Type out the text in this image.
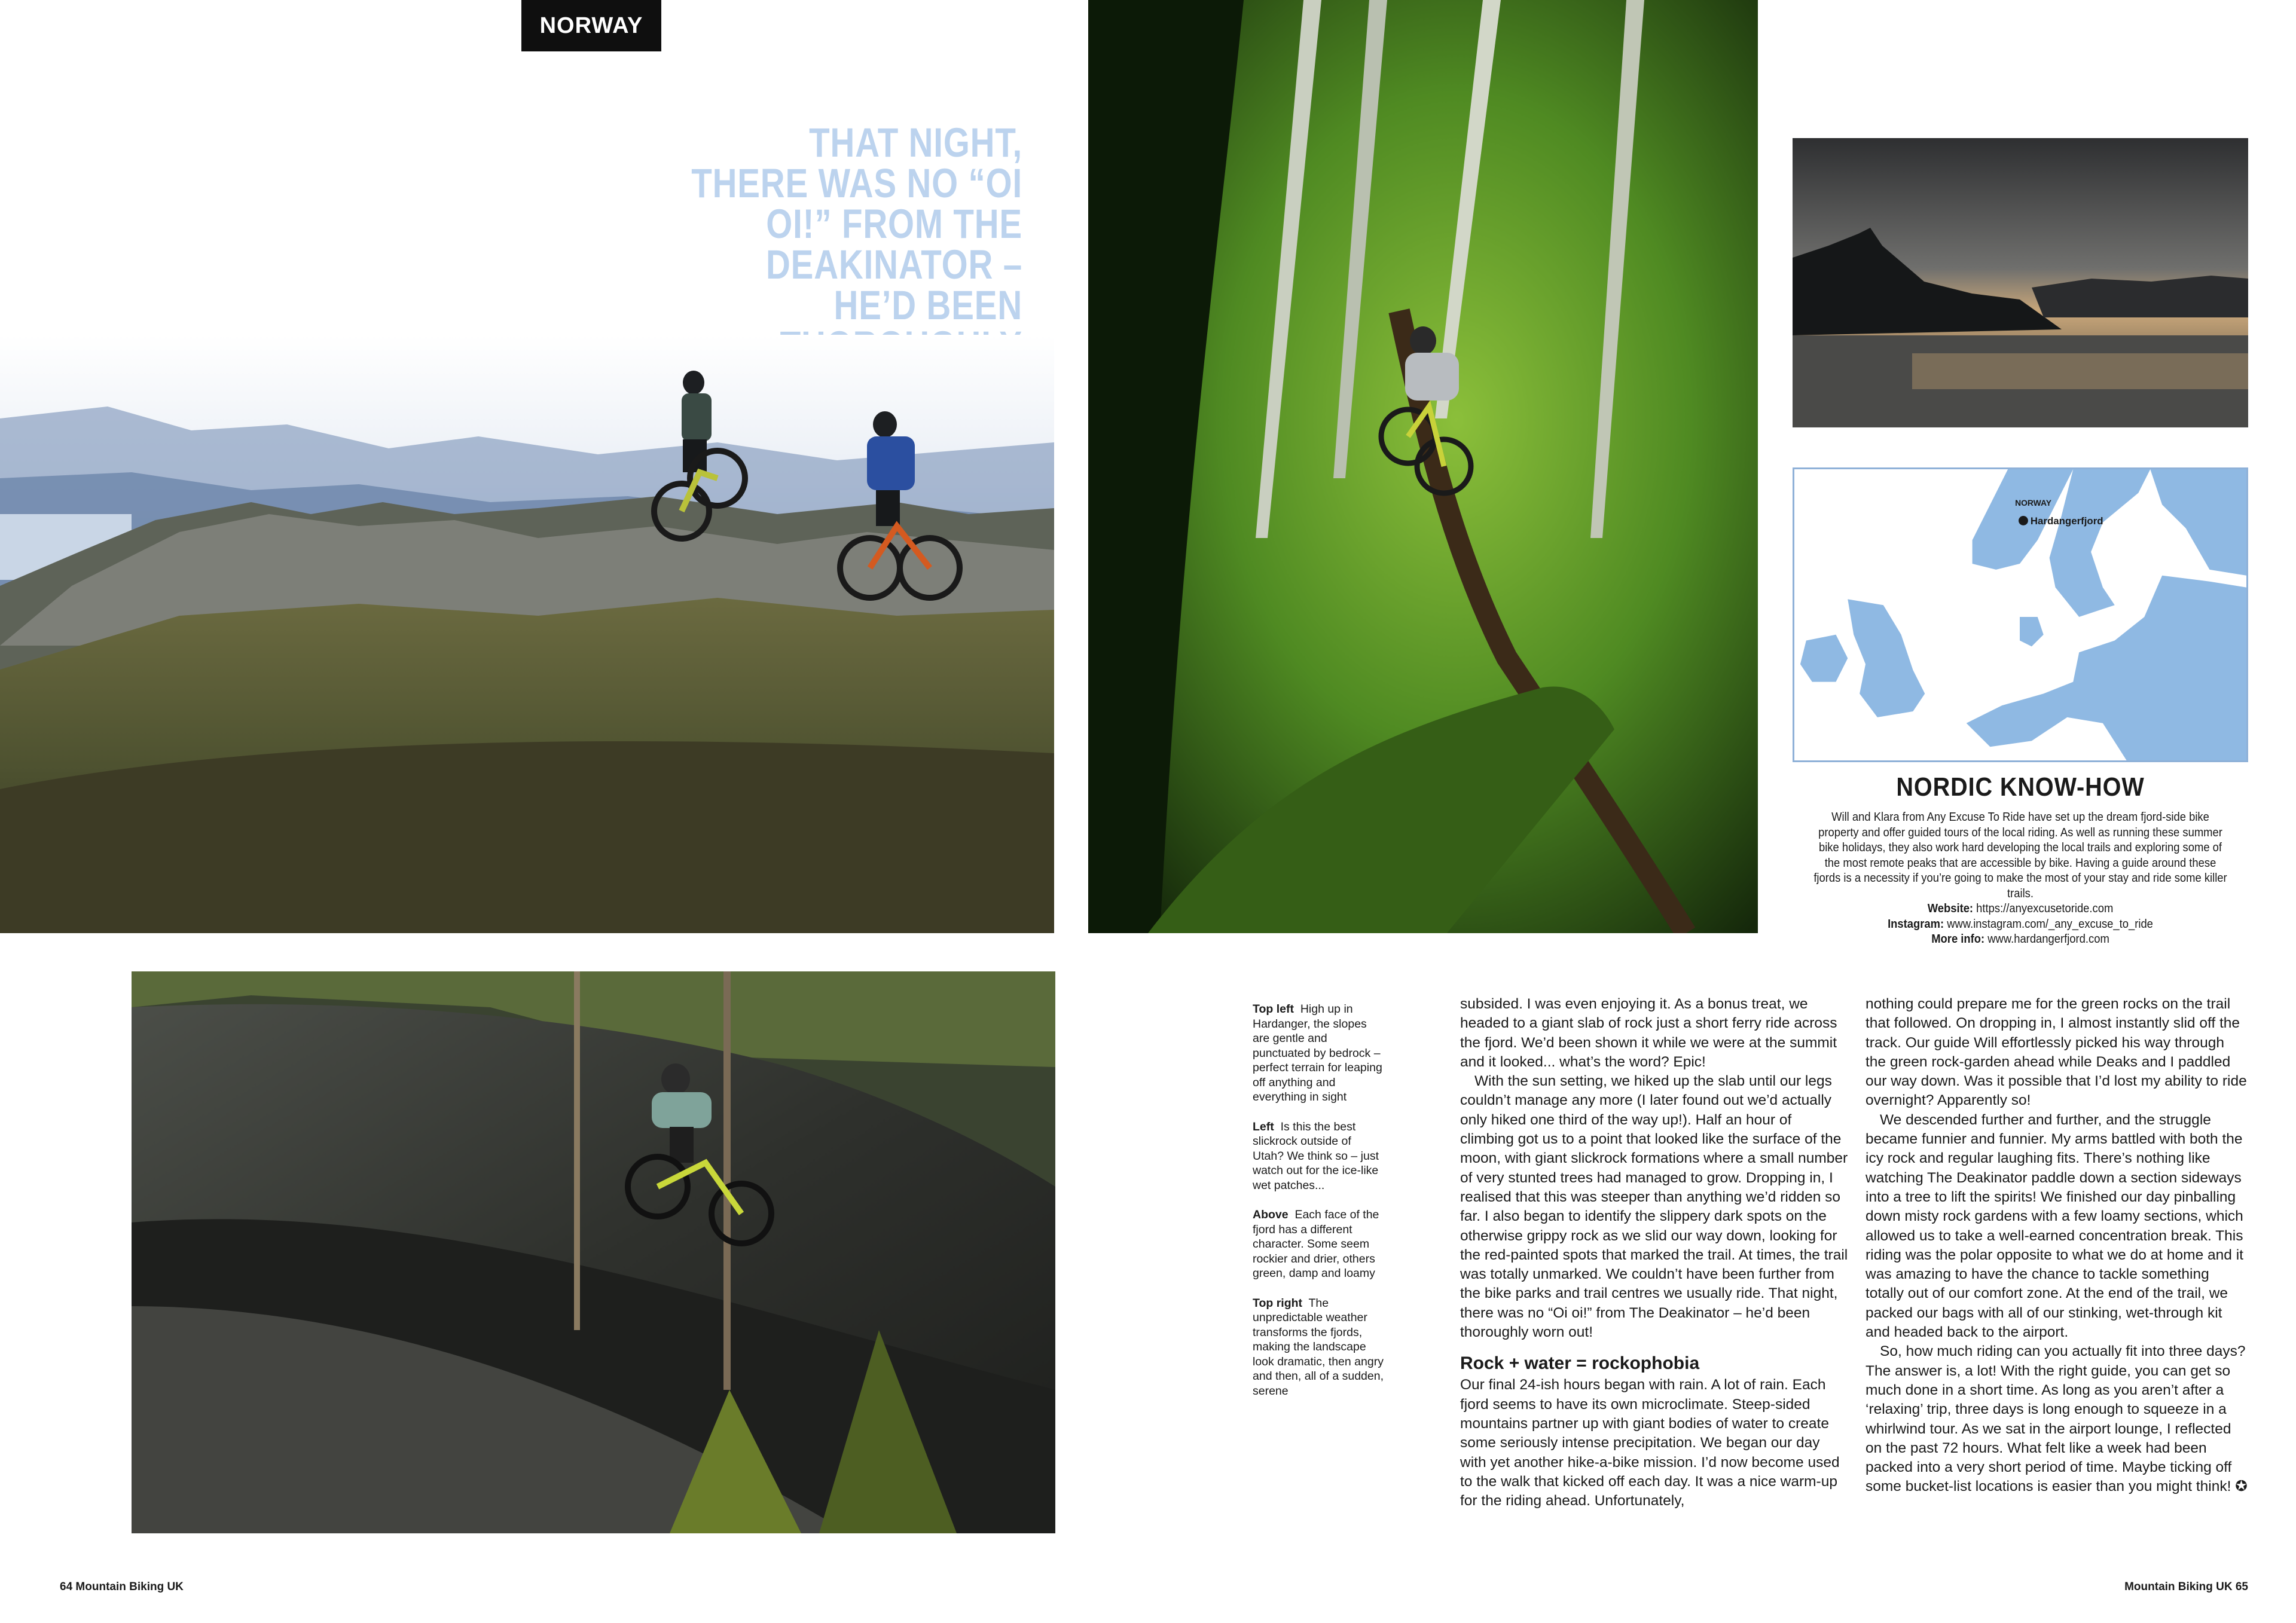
NORWAY
THAT NIGHT, THERE WAS NO “OI OI!” FROM THE DEAKINATOR – HE’D BEEN
NORWAY
Hardangerfjord
NORDIC KNOW-HOW
Will and Klara from Any Excuse To Ride have set up the dream fjord-side bike property and offer guided tours of the local riding. As well as running these summer bike holidays, they also work hard developing the local trails and exploring some of the most remote peaks that are accessible by bike. Having a guide around these fjords is a necessity if you’re going to make the most of your stay and ride some killer trails.
Website: https://anyexcusetoride.com
Instagram: www.instagram.com/_any_excuse_to_ride
More info: www.hardangerfjord.com
Top left High up in Hardanger, the slopes are gentle and punctuated by bedrock – perfect terrain for leaping off anything and everything in sight
Left Is this the best slickrock outside of Utah? We think so – just watch out for the ice-like wet patches...
Above Each face of the fjord has a different character. Some seem rockier and drier, others green, damp and loamy
Top right The unpredictable weather transforms the fjords, making the landscape look dramatic, then angry and then, all of a sudden, serene

subsided. I was even enjoying it. As a bonus treat, we headed to a giant slab of rock just a short ferry ride across the fjord. We’d been shown it while we were at the summit and it looked... what’s the word? Epic!

With the sun setting, we hiked up the slab until our legs couldn’t manage any more (I later found out we’d actually only hiked one third of the way up!). Half an hour of climbing got us to a point that looked like the surface of the moon, with giant slickrock formations where a small number of very stunted trees had managed to grow. Dropping in, I realised that this was steeper than anything we’d ridden so far. I also began to identify the slippery dark spots on the otherwise grippy rock as we slid our way down, looking for the red-painted spots that marked the trail. At times, the trail was totally unmarked. We couldn’t have been further from the bike parks and trail centres we usually ride. That night, there was no “Oi oi!” from The Deakinator – he’d been thoroughly worn out!

Rock + water = rockophobia

Our final 24-ish hours began with rain. A lot of rain. Each fjord seems to have its own microclimate. Steep-sided mountains partner up with giant bodies of water to create some seriously intense precipitation. We began our day with yet another hike-a-bike mission. I’d now become used to the walk that kicked off each day. It was a nice warm-up for the riding ahead. Unfortunately,

nothing could prepare me for the green rocks on the trail that followed. On dropping in, I almost instantly slid off the track. Our guide Will effortlessly picked his way through the green rock-garden ahead while Deaks and I paddled our way down. Was it possible that I’d lost my ability to ride overnight? Apparently so!

We descended further and further, and the struggle became funnier and funnier. My arms battled with both the icy rock and regular laughing fits. There’s nothing like watching The Deakinator paddle down a section sideways into a tree to lift the spirits! We finished our day pinballing down misty rock gardens with a few loamy sections, which allowed us to take a well-earned concentration break. This riding was the polar opposite to what we do at home and it was amazing to have the chance to tackle something totally out of our comfort zone. At the end of the trail, we packed our bags with all of our stinking, wet-through kit and headed back to the airport.

So, how much riding can you actually fit into three days? The answer is, a lot! With the right guide, you can get so much done in a short time. As long as you aren’t after a ‘relaxing’ trip, three days is long enough to squeeze in a whirlwind tour. As we sat in the airport lounge, I reflected on the past 72 hours. What felt like a week had been packed into a very short period of time. Maybe ticking off some bucket-list locations is easier than you might think! ✪

64 Mountain Biking UK	Mountain Biking UK 65
